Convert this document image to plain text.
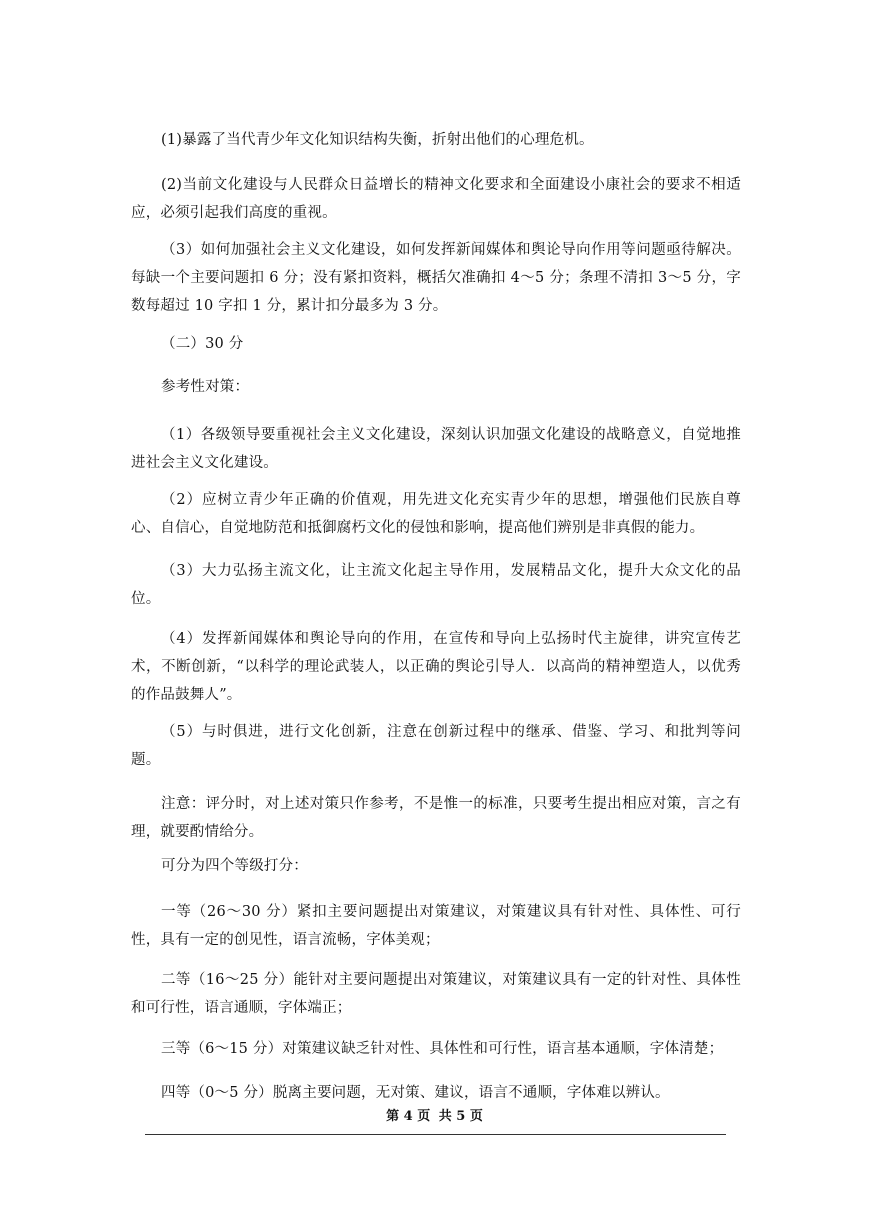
(1)暴露了当代青少年文化知识结构失衡，折射出他们的心理危机。

(2)当前文化建设与人民群众日益增长的精神文化要求和全面建设小康社会的要求不相适应，必须引起我们高度的重视。

（3）如何加强社会主义文化建设，如何发挥新闻媒体和舆论导向作用等问题亟待解决。每缺一个主要问题扣 6 分；没有紧扣资料，概括欠准确扣 4～5 分；条理不清扣 3～5 分，字数每超过 10 字扣 1 分，累计扣分最多为 3 分。

（二）30 分

参考性对策：

（1）各级领导要重视社会主义文化建设，深刻认识加强文化建设的战略意义，自觉地推进社会主义文化建设。

（2）应树立青少年正确的价值观，用先进文化充实青少年的思想，增强他们民族自尊心、自信心，自觉地防范和抵御腐朽文化的侵蚀和影响，提高他们辨别是非真假的能力。

（3）大力弘扬主流文化，让主流文化起主导作用，发展精品文化，提升大众文化的品位。

（4）发挥新闻媒体和舆论导向的作用，在宣传和导向上弘扬时代主旋律，讲究宣传艺术，不断创新，“以科学的理论武装人，以正确的舆论引导人．以高尚的精神塑造人，以优秀的作品鼓舞人”。

（5）与时俱进，进行文化创新，注意在创新过程中的继承、借鉴、学习、和批判等问题。

注意：评分时，对上述对策只作参考，不是惟一的标准，只要考生提出相应对策，言之有理，就要酌情给分。

可分为四个等级打分：

一等（26～30 分）紧扣主要问题提出对策建议，对策建议具有针对性、具体性、可行性，具有一定的创见性，语言流畅，字体美观；

二等（16～25 分）能针对主要问题提出对策建议，对策建议具有一定的针对性、具体性和可行性，语言通顺，字体端正；

三等（6～15 分）对策建议缺乏针对性、具体性和可行性，语言基本通顺，字体清楚；

四等（0～5 分）脱离主要问题，无对策、建议，语言不通顺，字体难以辨认。

第 4 页 共 5 页
